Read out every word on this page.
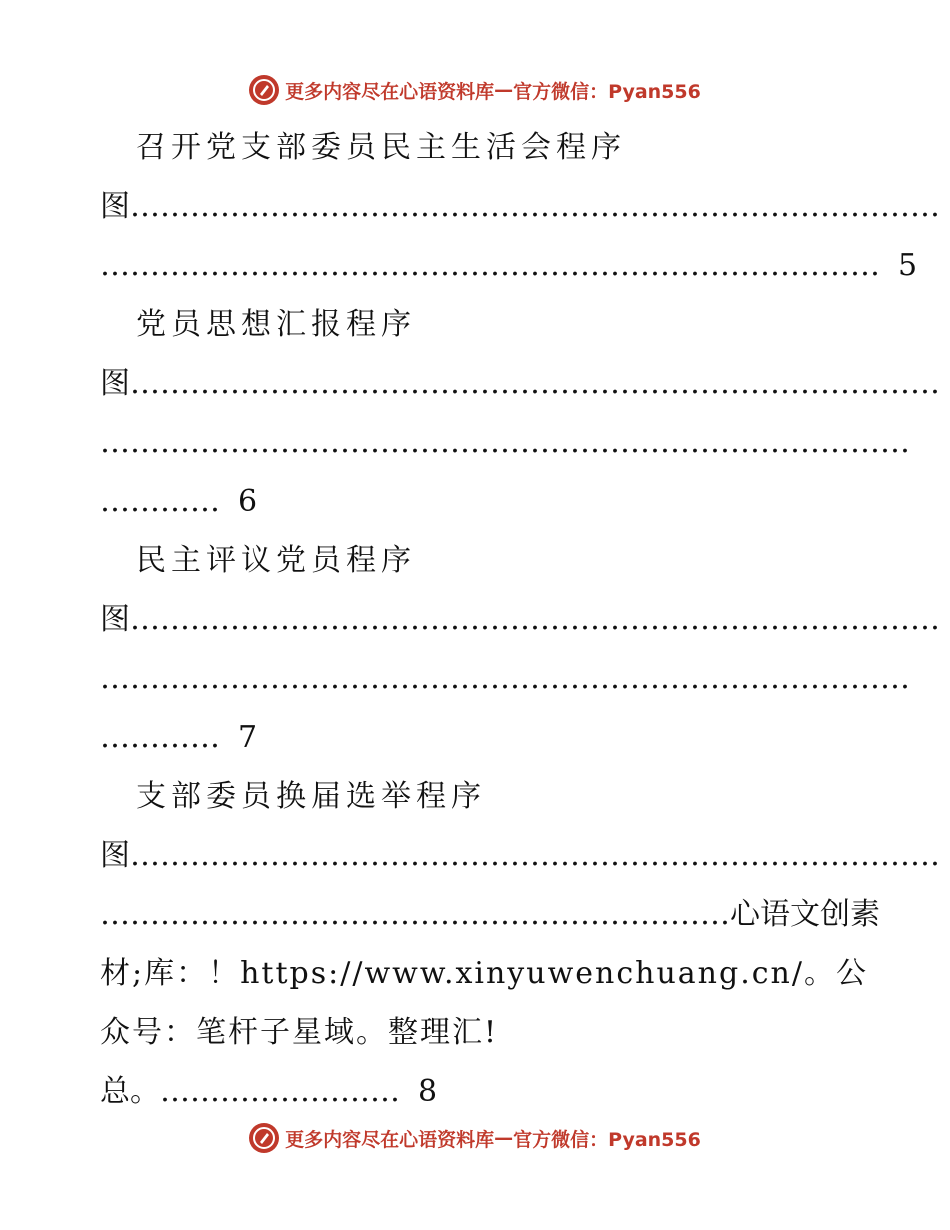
更多内容尽在心语资料库 — 官方微信：Pyan556
召开党支部委员民主生活会程序
图………………………………………………………………………
…………………………………………………………………… 5
党员思想汇报程序
图………………………………………………………………………
………………………………………………………………………
………… 6
民主评议党员程序
图………………………………………………………………………
………………………………………………………………………
………… 7
支部委员换届选举程序
图………………………………………………………………………
………………………………………………………心语文创素
材;库：！https://www.xinyuwenchuang.cn/。公
众号：笔杆子星域。整理汇!
总。…………………… 8
更多内容尽在心语资料库 — 官方微信：Pyan556
